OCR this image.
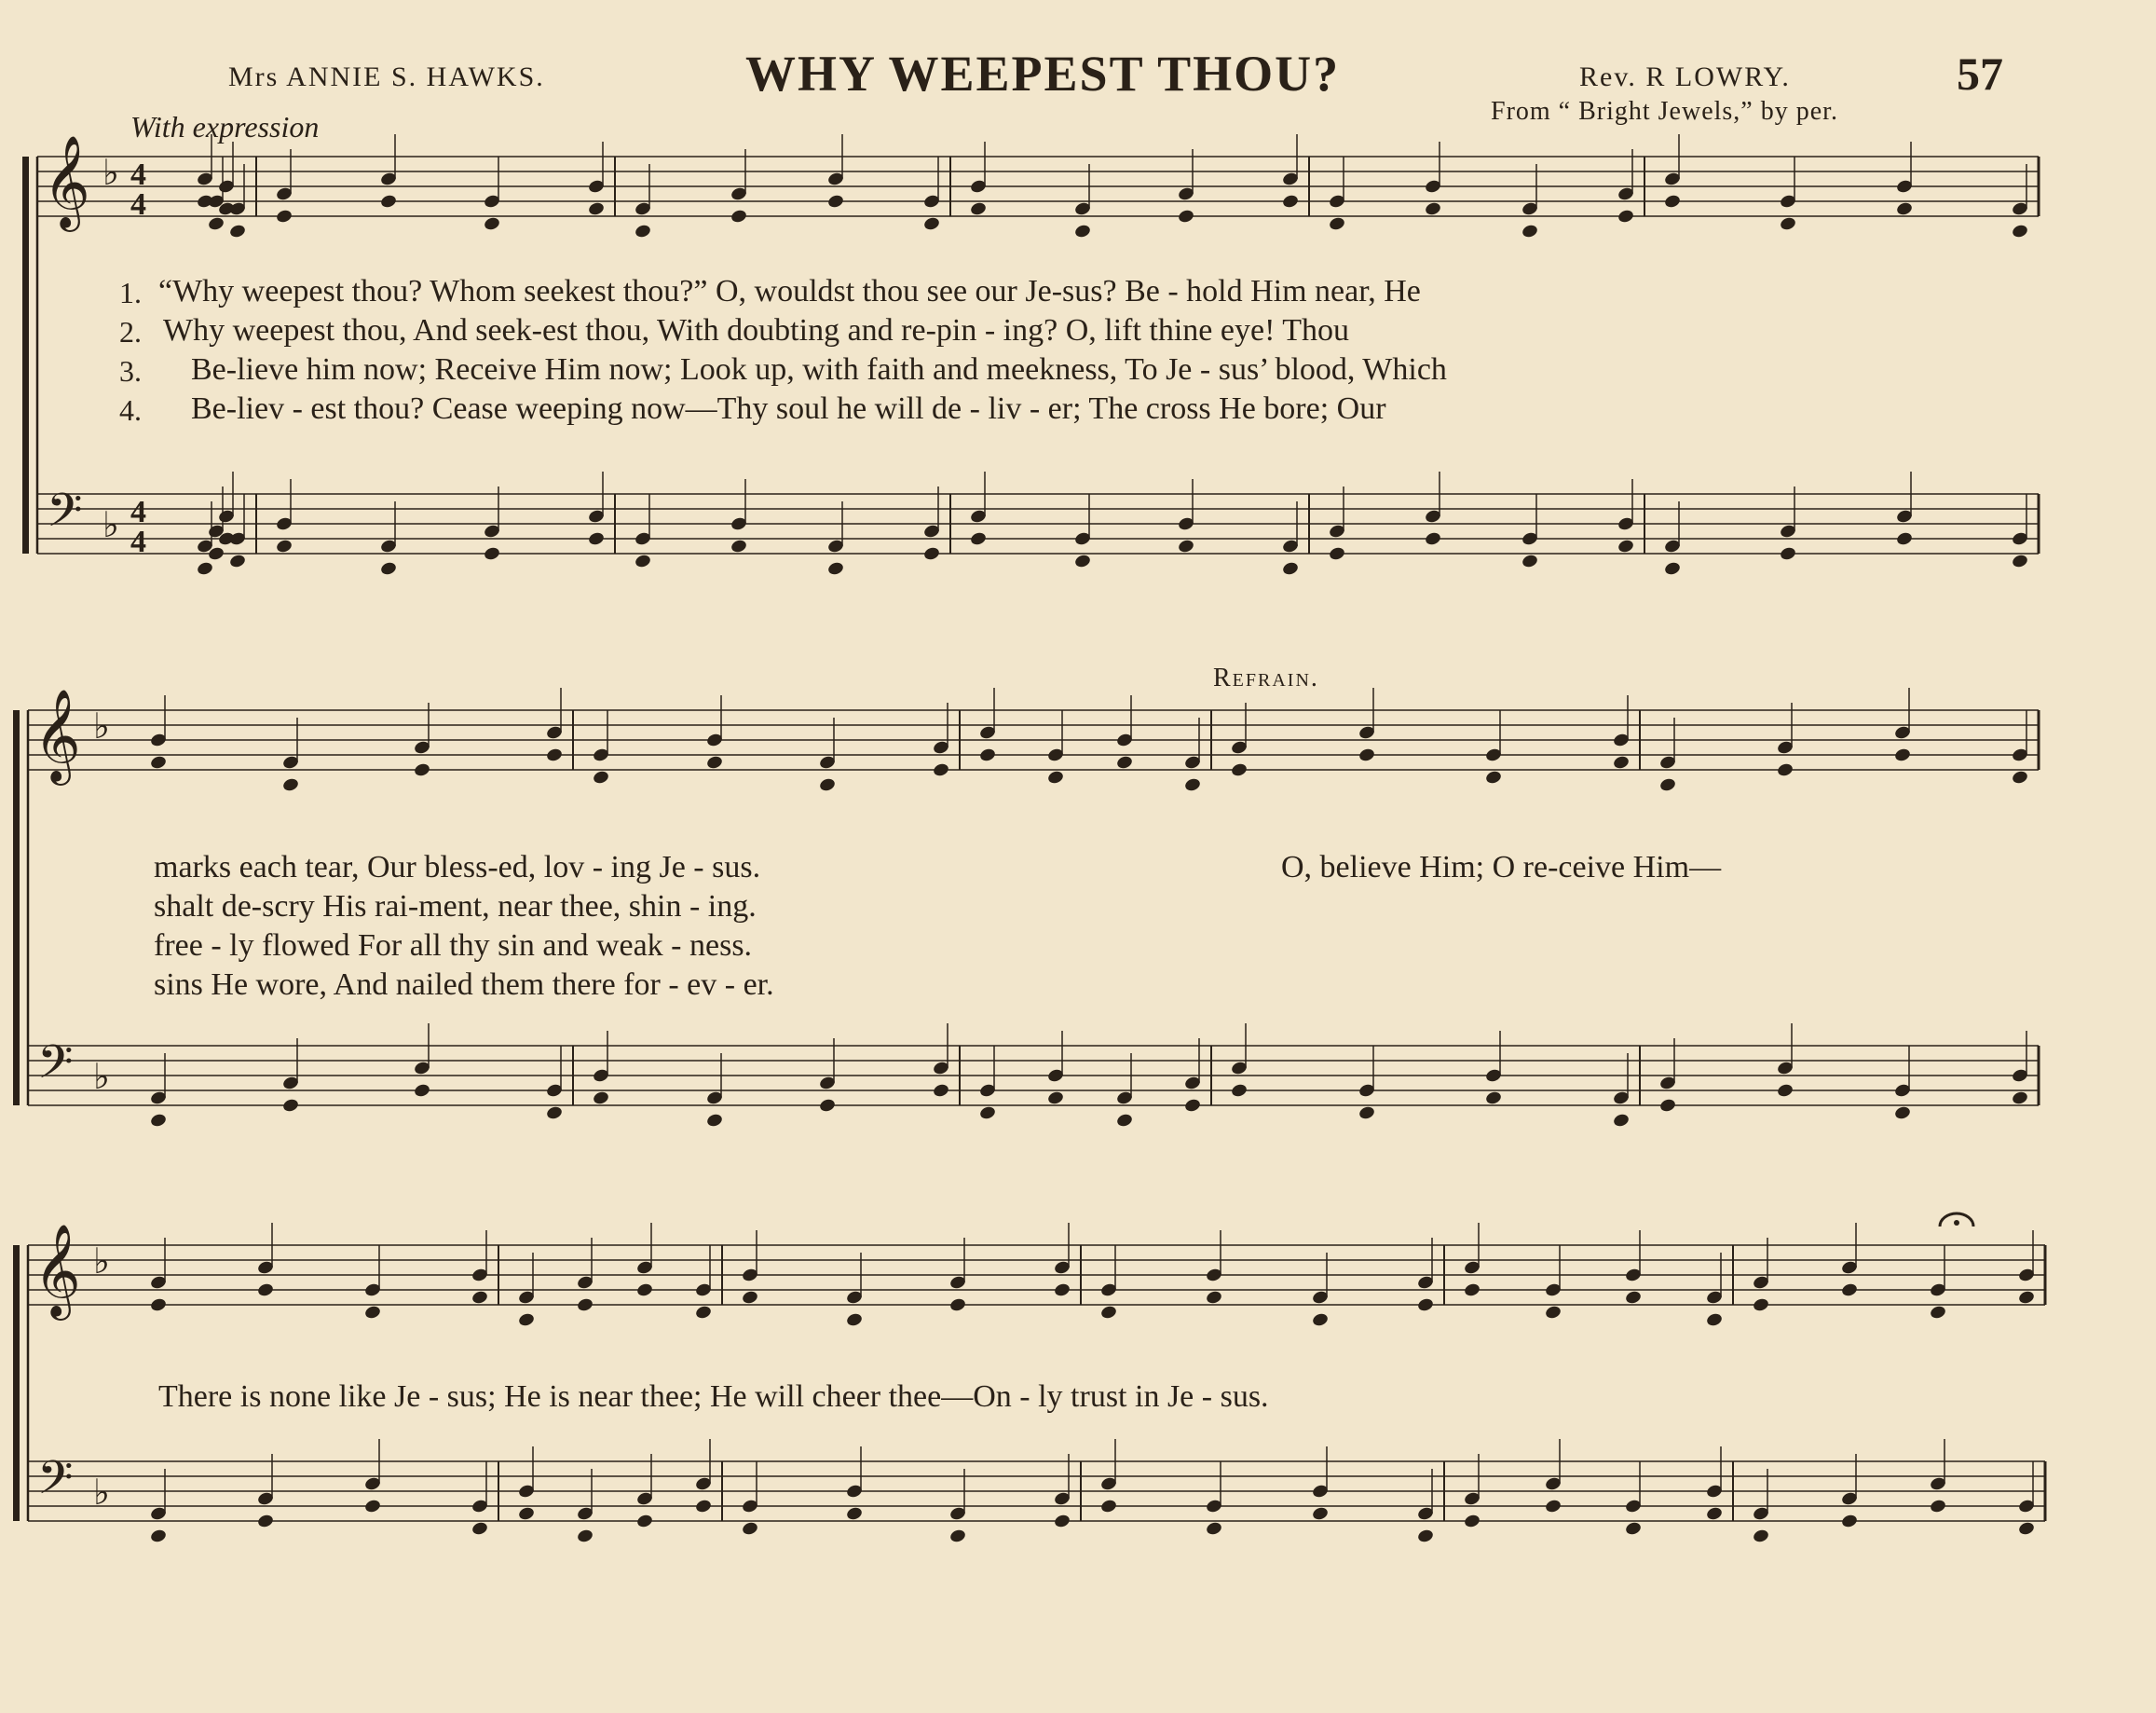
Mrs ANNIE S. HAWKS.	WHY WEEPEST THOU?	Rev. R LOWRY.	57
From “ Bright Jewels,” by per.
With expression
Refrain.
𝄞
𝄢
♭
♭
4
4
4
4
𝄞
𝄢
♭
♭
𝄞
𝄢
♭
♭
1. “Why weepest thou? Whom seekest thou?” O, wouldst thou see our Je-sus? Be - hold Him near, He
2. Why weepest thou, And seek-est thou, With doubting and re-pin - ing? O, lift thine eye! Thou
3. Be-lieve him now; Receive Him now; Look up, with faith and meekness, To Je - sus’ blood, Which
4. Be-liev - est thou? Cease weeping now—Thy soul he will de - liv - er; The cross He bore; Our
marks each tear, Our bless-ed, lov - ing Je - sus.	O, believe Him; O re-ceive Him—
shalt de-scry His rai-ment, near thee, shin - ing.
free - ly flowed For all thy sin and weak - ness.
sins He wore, And nailed them there for - ev - er.
There is none like Je - sus; He is near thee; He will cheer thee—On - ly trust in Je - sus.
